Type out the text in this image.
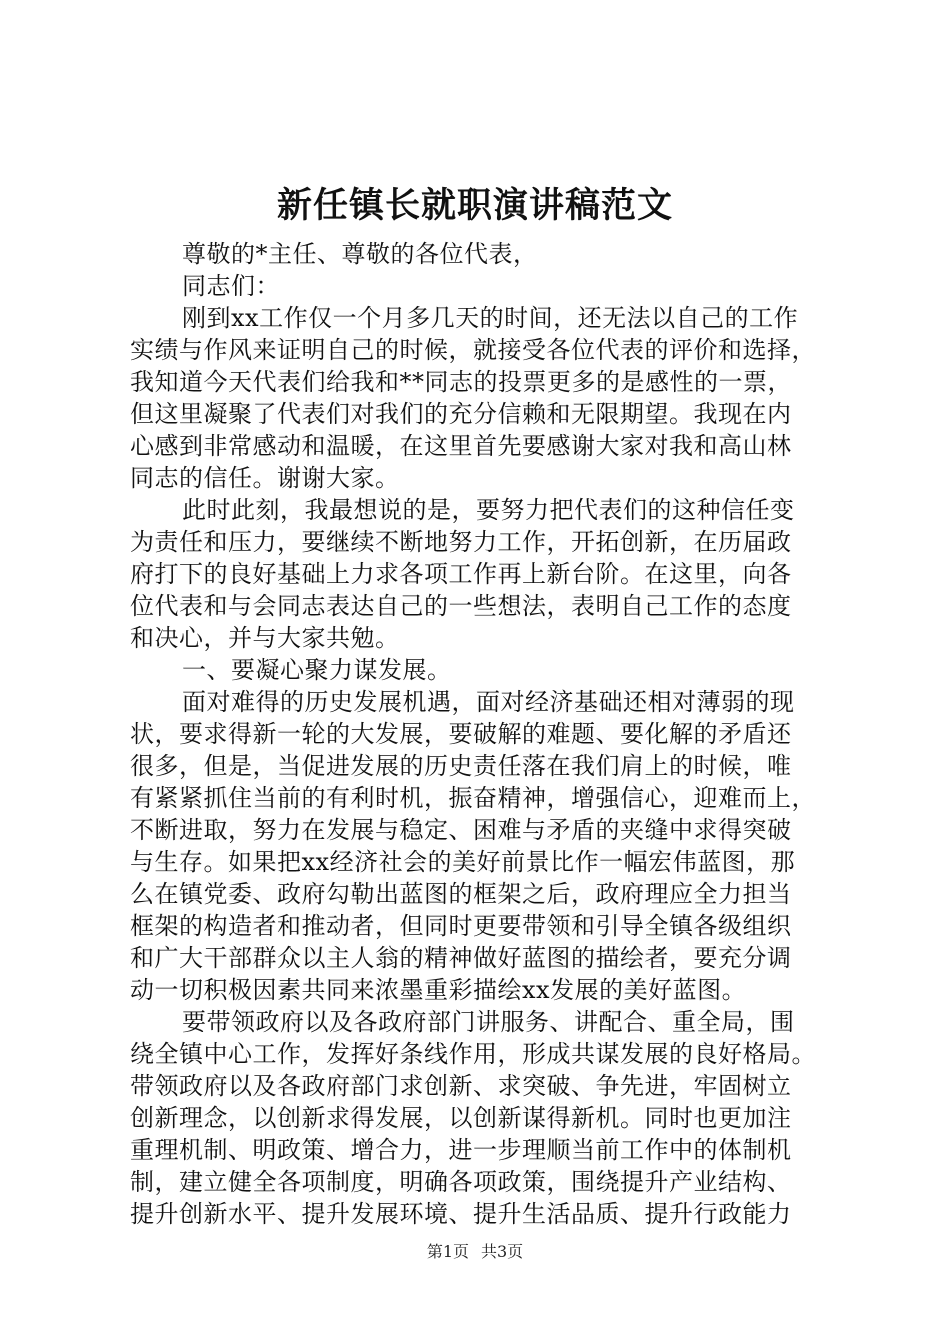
新任镇长就职演讲稿范文
尊敬的*主任、尊敬的各位代表，
同志们：
刚到xx工作仅一个月多几天的时间，还无法以自己的工作
实绩与作风来证明自己的时候，就接受各位代表的评价和选择，
我知道今天代表们给我和**同志的投票更多的是感性的一票，
但这里凝聚了代表们对我们的充分信赖和无限期望。我现在内
心感到非常感动和温暖，在这里首先要感谢大家对我和高山林
同志的信任。谢谢大家。
此时此刻，我最想说的是，要努力把代表们的这种信任变
为责任和压力，要继续不断地努力工作，开拓创新，在历届政
府打下的良好基础上力求各项工作再上新台阶。在这里，向各
位代表和与会同志表达自己的一些想法，表明自己工作的态度
和决心，并与大家共勉。
一、要凝心聚力谋发展。
面对难得的历史发展机遇，面对经济基础还相对薄弱的现
状，要求得新一轮的大发展，要破解的难题、要化解的矛盾还
很多，但是，当促进发展的历史责任落在我们肩上的时候，唯
有紧紧抓住当前的有利时机，振奋精神，增强信心，迎难而上，
不断进取，努力在发展与稳定、困难与矛盾的夹缝中求得突破
与生存。如果把xx经济社会的美好前景比作一幅宏伟蓝图，那
么在镇党委、政府勾勒出蓝图的框架之后，政府理应全力担当
框架的构造者和推动者，但同时更要带领和引导全镇各级组织
和广大干部群众以主人翁的精神做好蓝图的描绘者，要充分调
动一切积极因素共同来浓墨重彩描绘xx发展的美好蓝图。
要带领政府以及各政府部门讲服务、讲配合、重全局，围
绕全镇中心工作，发挥好条线作用，形成共谋发展的良好格局。
带领政府以及各政府部门求创新、求突破、争先进，牢固树立
创新理念，以创新求得发展，以创新谋得新机。同时也更加注
重理机制、明政策、增合力，进一步理顺当前工作中的体制机
制，建立健全各项制度，明确各项政策，围绕提升产业结构、
提升创新水平、提升发展环境、提升生活品质、提升行政能力
第1页 共3页
